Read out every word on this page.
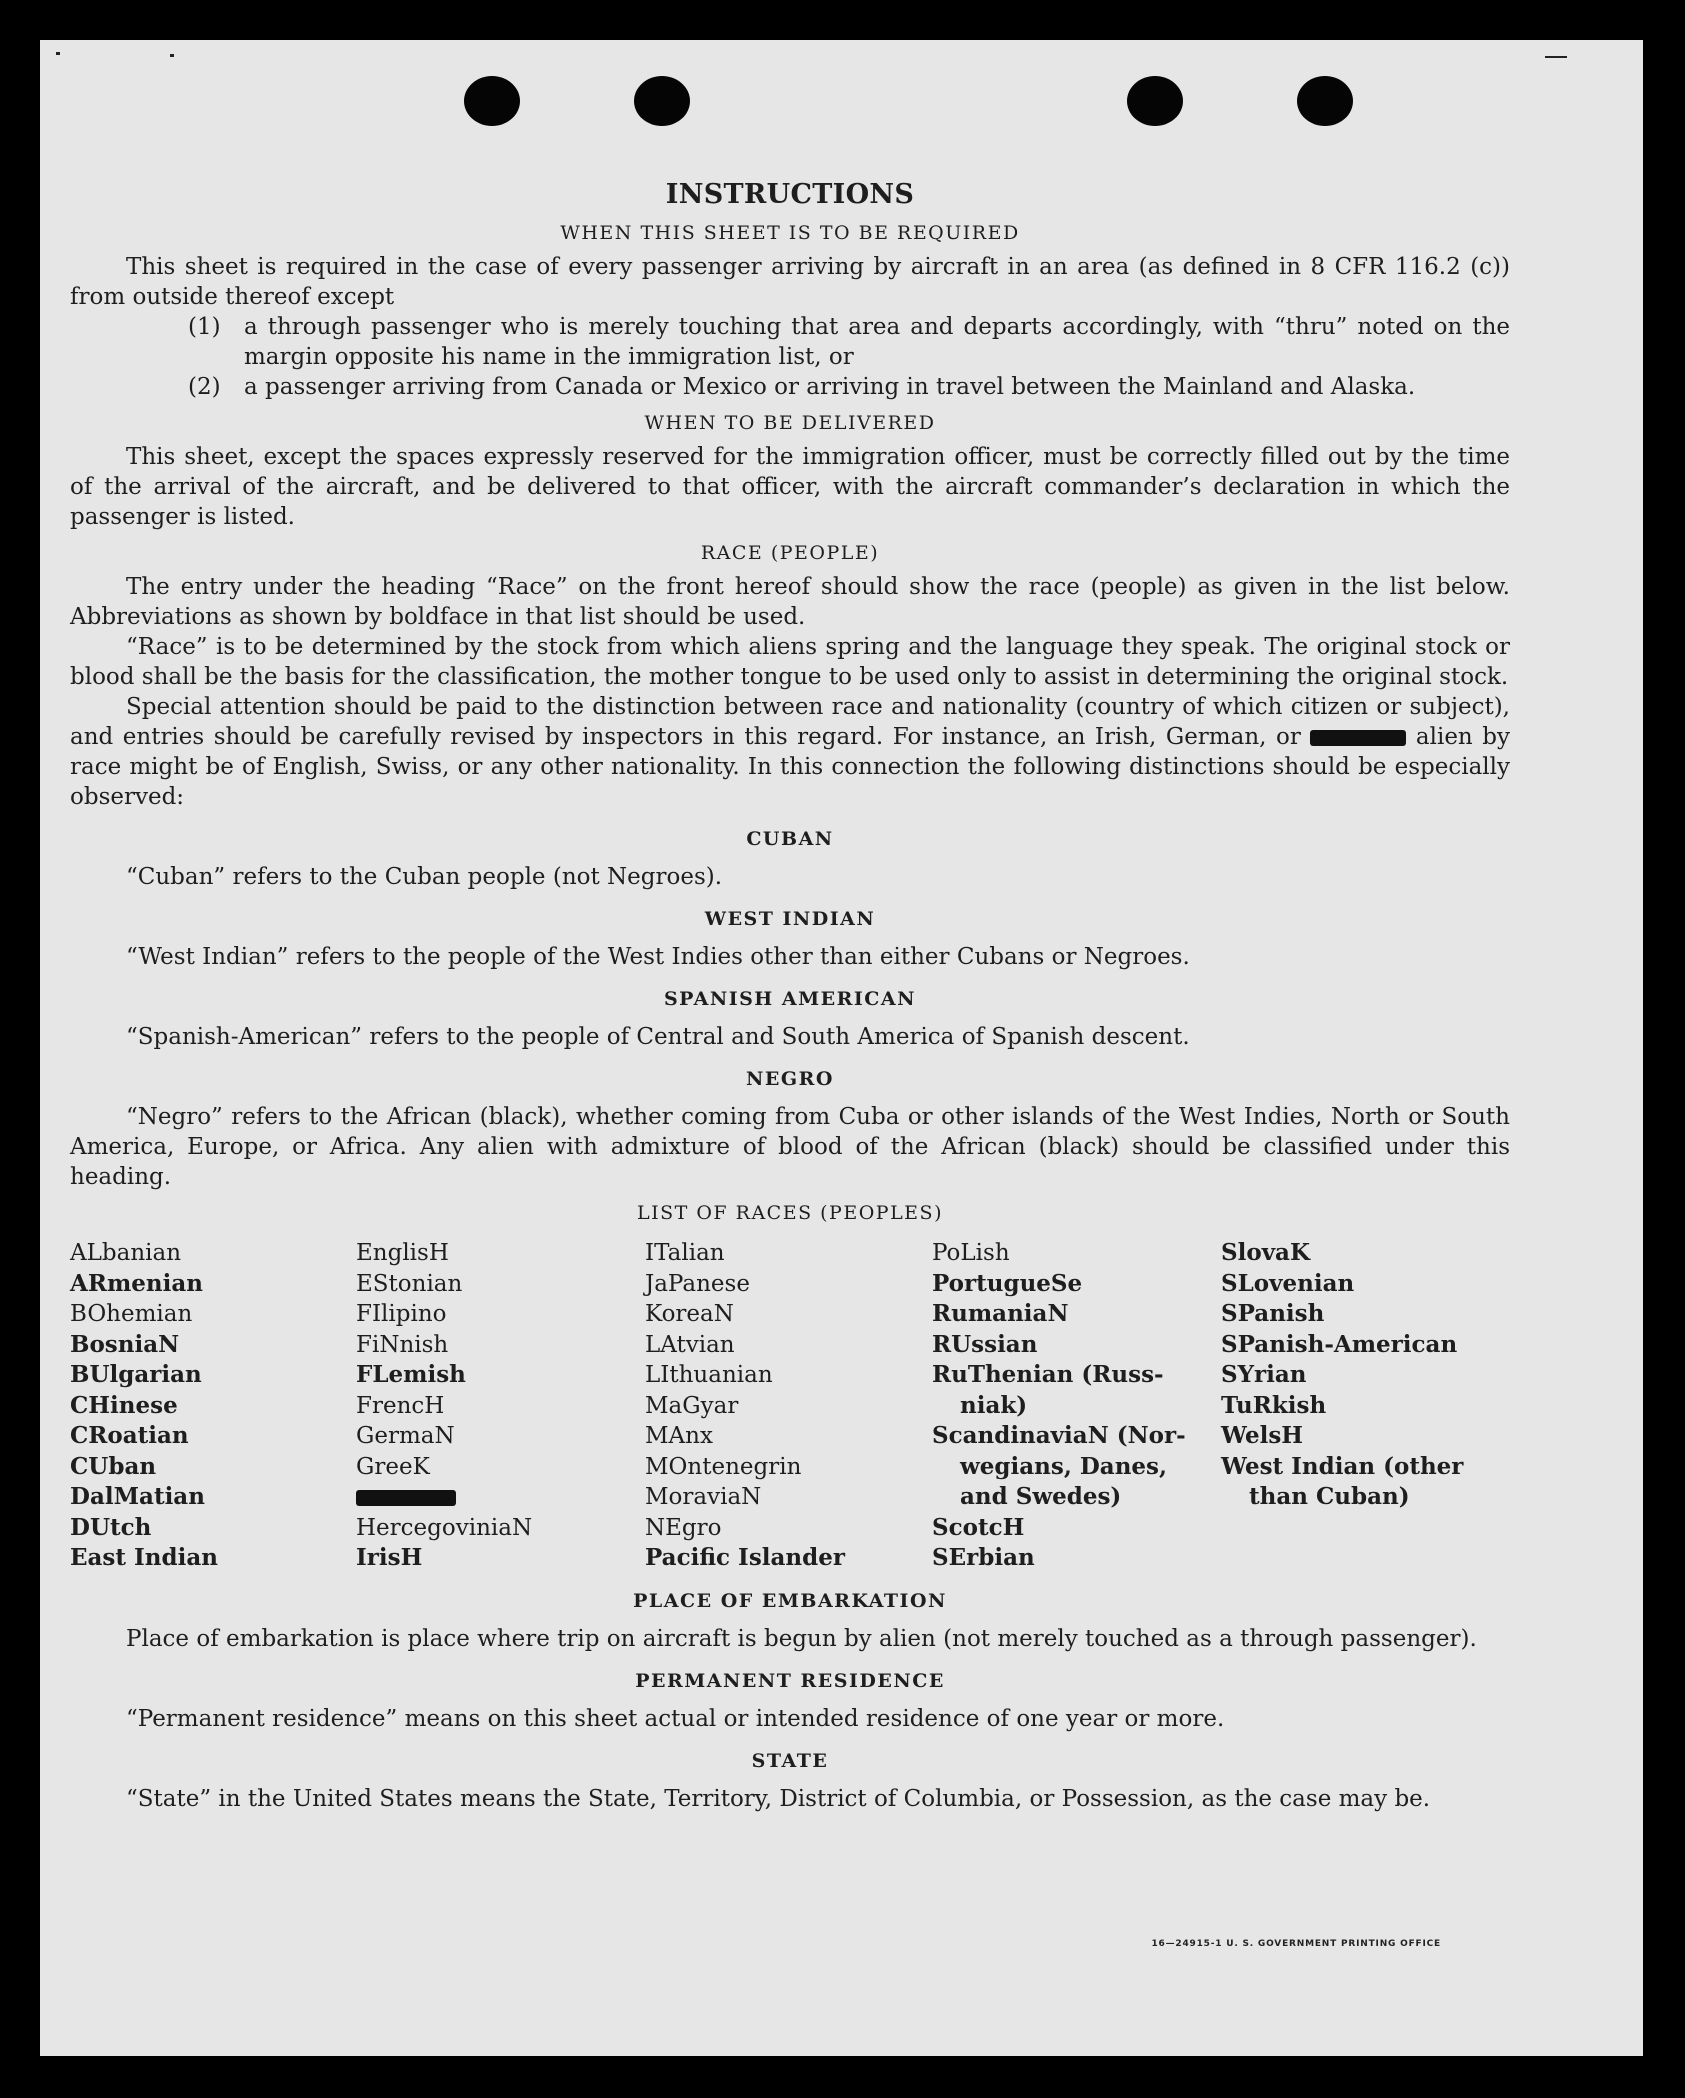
INSTRUCTIONS
WHEN THIS SHEET IS TO BE REQUIRED

This sheet is required in the case of every passenger arriving by aircraft in an area (as defined in 8 CFR 116.2 (c)) from outside thereof except

(1)	a through passenger who is merely touching that area and departs accordingly, with “thru” noted on the margin opposite his name in the immigration list, or
(2)	a passenger arriving from Canada or Mexico or arriving in travel between the Mainland and Alaska.
WHEN TO BE DELIVERED

This sheet, except the spaces expressly reserved for the immigration officer, must be correctly filled out by the time of the arrival of the aircraft, and be delivered to that officer, with the aircraft commander’s declaration in which the passenger is listed.

RACE (PEOPLE)

The entry under the heading “Race” on the front hereof should show the race (people) as given in the list below. Abbreviations as shown by boldface in that list should be used.

“Race” is to be determined by the stock from which aliens spring and the language they speak. The original stock or blood shall be the basis for the classification, the mother tongue to be used only to assist in determining the original stock.

Special attention should be paid to the distinction between race and nationality (country of which citizen or subject), and entries should be carefully revised by inspectors in this regard. For instance, an Irish, German, or	alien by race might be of English, Swiss, or any other nationality. In this connection the following distinctions should be especially observed:

CUBAN

“Cuban” refers to the Cuban people (not Negroes).

WEST INDIAN

“West Indian” refers to the people of the West Indies other than either Cubans or Negroes.

SPANISH AMERICAN

“Spanish-American” refers to the people of Central and South America of Spanish descent.

NEGRO

“Negro” refers to the African (black), whether coming from Cuba or other islands of the West Indies, North or South America, Europe, or Africa. Any alien with admixture of blood of the African (black) should be classified under this heading.

LIST OF RACES (PEOPLES)
ALbanian
ARmenian
BOhemian
BosniaN
BUlgarian
CHinese
CRoatian
CUban
DalMatian
DUtch
East Indian
EnglisH
EStonian
FIlipino
FiNnish
FLemish
FrencH
GermaN
GreeK
HercegoviniaN
IrisH
ITalian
JaPanese
KoreaN
LAtvian
LIthuanian
MaGyar
MAnx
MOntenegrin
MoraviaN
NEgro
Pacific Islander
PoLish
PortugueSe
RumaniaN
RUssian
RuThenian (Russ-
niak)
ScandinaviaN (Nor-
wegians, Danes,
and Swedes)
ScotcH
SErbian
SlovaK
SLovenian
SPanish
SPanish-American
SYrian
TuRkish
WelsH
West Indian (other
than Cuban)
PLACE OF EMBARKATION

Place of embarkation is place where trip on aircraft is begun by alien (not merely touched as a through passenger).

PERMANENT RESIDENCE

“Permanent residence” means on this sheet actual or intended residence of one year or more.

STATE

“State” in the United States means the State, Territory, District of Columbia, or Possession, as the case may be.

16—24915-1 U. S. GOVERNMENT PRINTING OFFICE
